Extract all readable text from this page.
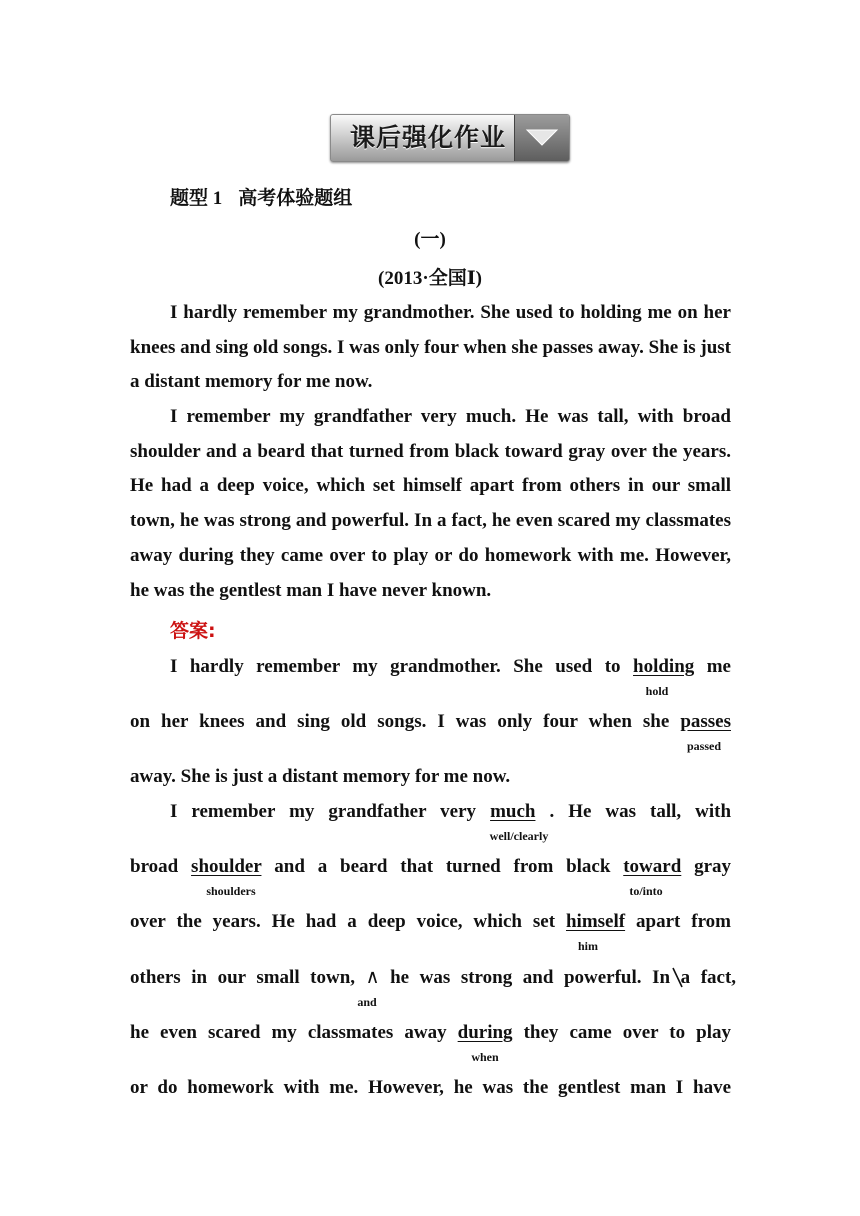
课后强化作业
题型 1 高考体验题组
(一)
(2013·全国Ⅰ)

I hardly remember my grandmother. She used to holding me on her knees and sing old songs. I was only four when she passes away. She is just a distant memory for me now.

I remember my grandfather very much. He was tall, with broad shoulder and a beard that turned from black toward gray over the years. He had a deep voice, which set himself apart from others in our small town, he was strong and powerful. In a fact, he even scared my classmates away during they came over to play or do homework with me. However, he was the gentlest man I have never known.

答案:
I hardly remember my grandmother. She used to holding me
hold
on her knees and sing old songs. I was only four when she passes
passed
away. She is just a distant memory for me now.
I remember my grandfather very much . He was tall, with
well/clearly
broad shoulder and a beard that turned from black toward gray
shoulders	to/into
over the years. He had a deep voice, which set himself apart from
him
others in our small town, ∧ he was strong and powerful. In a fact,
and
he even scared my classmates away during they came over to play
when
or do homework with me. However, he was the gentlest man I have
